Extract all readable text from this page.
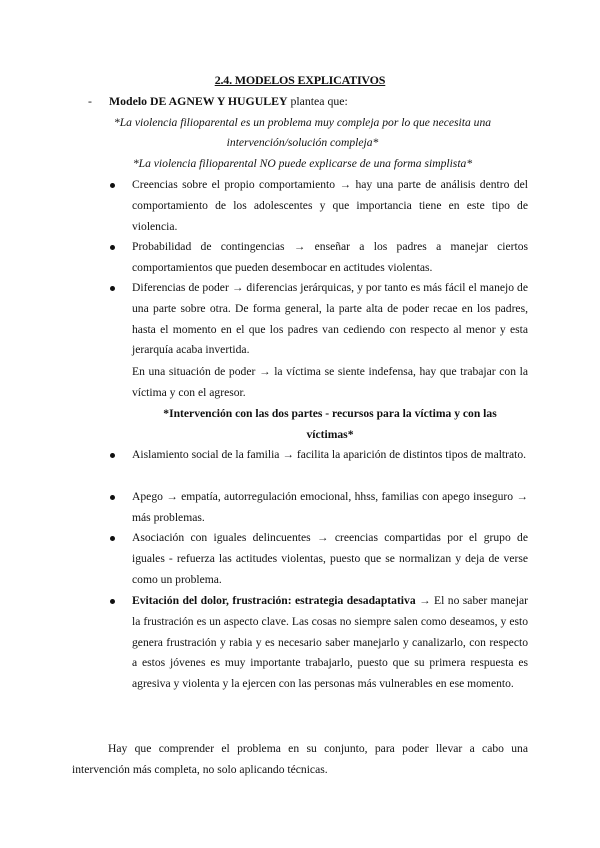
2.4. MODELOS EXPLICATIVOS
- Modelo DE AGNEW Y HUGULEY plantea que:
*La violencia filioparental es un problema muy compleja por lo que necesita una intervención/solución compleja*
*La violencia filioparental NO puede explicarse de una forma simplista*
Creencias sobre el propio comportamiento → hay una parte de análisis dentro del comportamiento de los adolescentes y que importancia tiene en este tipo de violencia.
Probabilidad de contingencias → enseñar a los padres a manejar ciertos comportamientos que pueden desembocar en actitudes violentas.
Diferencias de poder → diferencias jerárquicas, y por tanto es más fácil el manejo de una parte sobre otra. De forma general, la parte alta de poder recae en los padres, hasta el momento en el que los padres van cediendo con respecto al menor y esta jerarquía acaba invertida.
En una situación de poder → la víctima se siente indefensa, hay que trabajar con la víctima y con el agresor.
*Intervención con las dos partes - recursos para la víctima y con las víctimas*
Aislamiento social de la familia → facilita la aparición de distintos tipos de maltrato.
Apego → empatía, autorregulación emocional, hhss, familias con apego inseguro → más problemas.
Asociación con iguales delincuentes → creencias compartidas por el grupo de iguales - refuerza las actitudes violentas, puesto que se normalizan y deja de verse como un problema.
Evitación del dolor, frustración: estrategia desadaptativa → El no saber manejar la frustración es un aspecto clave. Las cosas no siempre salen como deseamos, y esto genera frustración y rabia y es necesario saber manejarlo y canalizarlo, con respecto a estos jóvenes es muy importante trabajarlo, puesto que su primera respuesta es agresiva y violenta y la ejercen con las personas más vulnerables en ese momento.
Hay que comprender el problema en su conjunto, para poder llevar a cabo una intervención más completa, no solo aplicando técnicas.
